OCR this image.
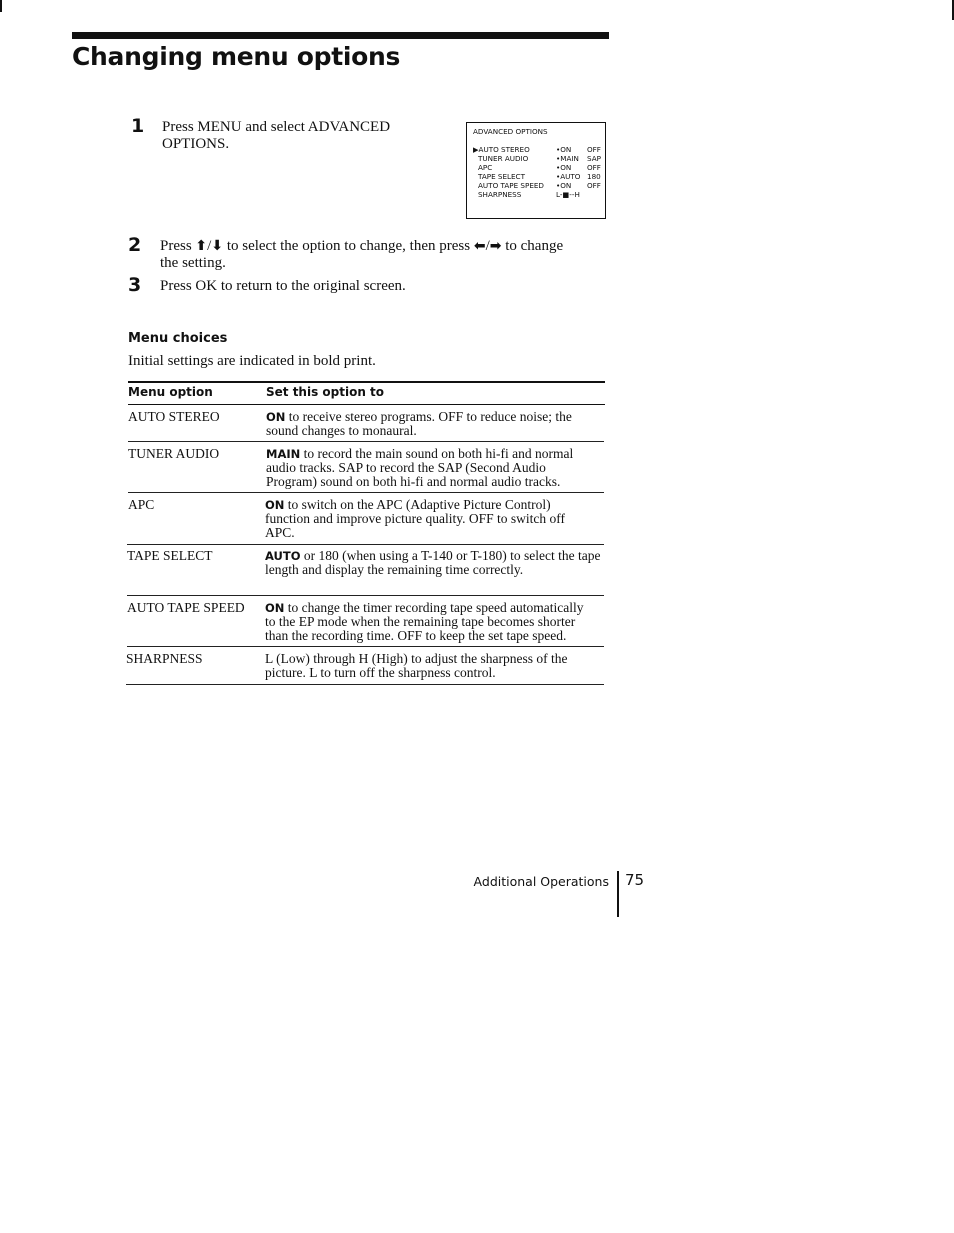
Changing menu options
1 Press MENU and select ADVANCED
OPTIONS.
ADVANCED OPTIONS
▶AUTO STEREO	•ON OFF
TUNER AUDIO	•MAIN SAP
APC	•ON OFF
TAPE SELECT	•AUTO 180
AUTO TAPE SPEED •ON OFF
SHARPNESS	L-■--H
2 Press ⬆/⬇ to select the option to change, then press ⬅/➡ to change
the setting.
3 Press OK to return to the original screen.
Menu choices
Initial settings are indicated in bold print.
Menu option	Set this option to
AUTO STEREO	ON to receive stereo programs. OFF to reduce noise; the
sound changes to monaural.
TUNER AUDIO	MAIN to record the main sound on both hi-fi and normal
audio tracks. SAP to record the SAP (Second Audio
Program) sound on both hi-fi and normal audio tracks.
APC	ON to switch on the APC (Adaptive Picture Control)
function and improve picture quality. OFF to switch off
APC.
TAPE SELECT	AUTO or 180 (when using a T-140 or T-180) to select the tape
length and display the remaining time correctly.
AUTO TAPE SPEED ON to change the timer recording tape speed automatically
to the EP mode when the remaining tape becomes shorter
than the recording time. OFF to keep the set tape speed.
SHARPNESS	L (Low) through H (High) to adjust the sharpness of the
picture. L to turn off the sharpness control.
Additional Operations 75
